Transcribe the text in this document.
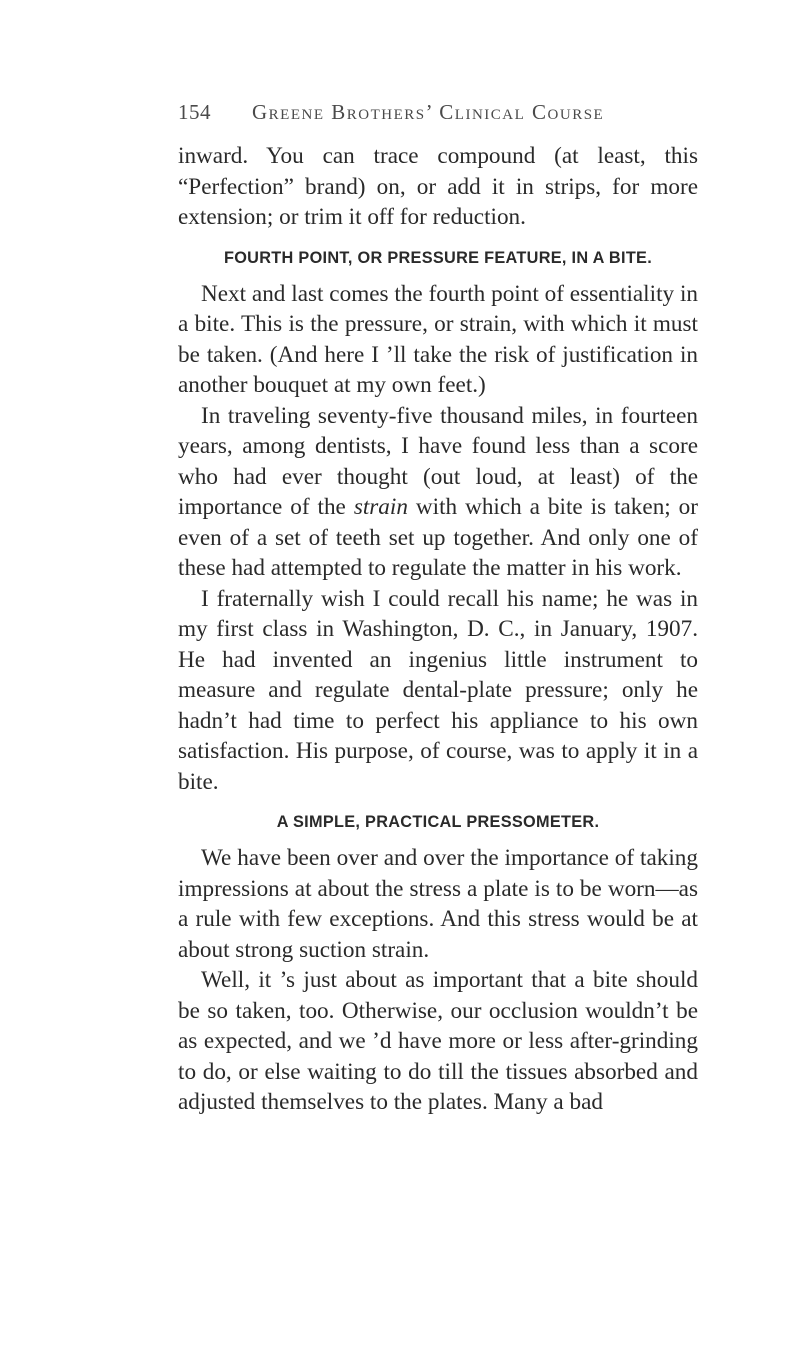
154	Greene Brothers’ Clinical Course

inward. You can trace compound (at least, this “Perfection” brand) on, or add it in strips, for more extension; or trim it off for reduction.

FOURTH POINT, OR PRESSURE FEATURE, IN A BITE.

Next and last comes the fourth point of essentiality in a bite. This is the pressure, or strain, with which it must be taken. (And here I ’ll take the risk of justification in another bouquet at my own feet.)

In traveling seventy-five thousand miles, in fourteen years, among dentists, I have found less than a score who had ever thought (out loud, at least) of the importance of the strain with which a bite is taken; or even of a set of teeth set up together. And only one of these had attempted to regulate the matter in his work.

I fraternally wish I could recall his name; he was in my first class in Washington, D. C., in January, 1907. He had invented an ingenius little instrument to measure and regulate dental-plate pressure; only he hadn’t had time to perfect his appliance to his own satisfaction. His purpose, of course, was to apply it in a bite.

A SIMPLE, PRACTICAL PRESSOMETER.

We have been over and over the importance of taking impressions at about the stress a plate is to be worn—as a rule with few exceptions. And this stress would be at about strong suction strain.

Well, it ’s just about as important that a bite should be so taken, too. Otherwise, our occlusion wouldn’t be as expected, and we ’d have more or less after-grinding to do, or else waiting to do till the tissues absorbed and adjusted themselves to the plates. Many a bad
